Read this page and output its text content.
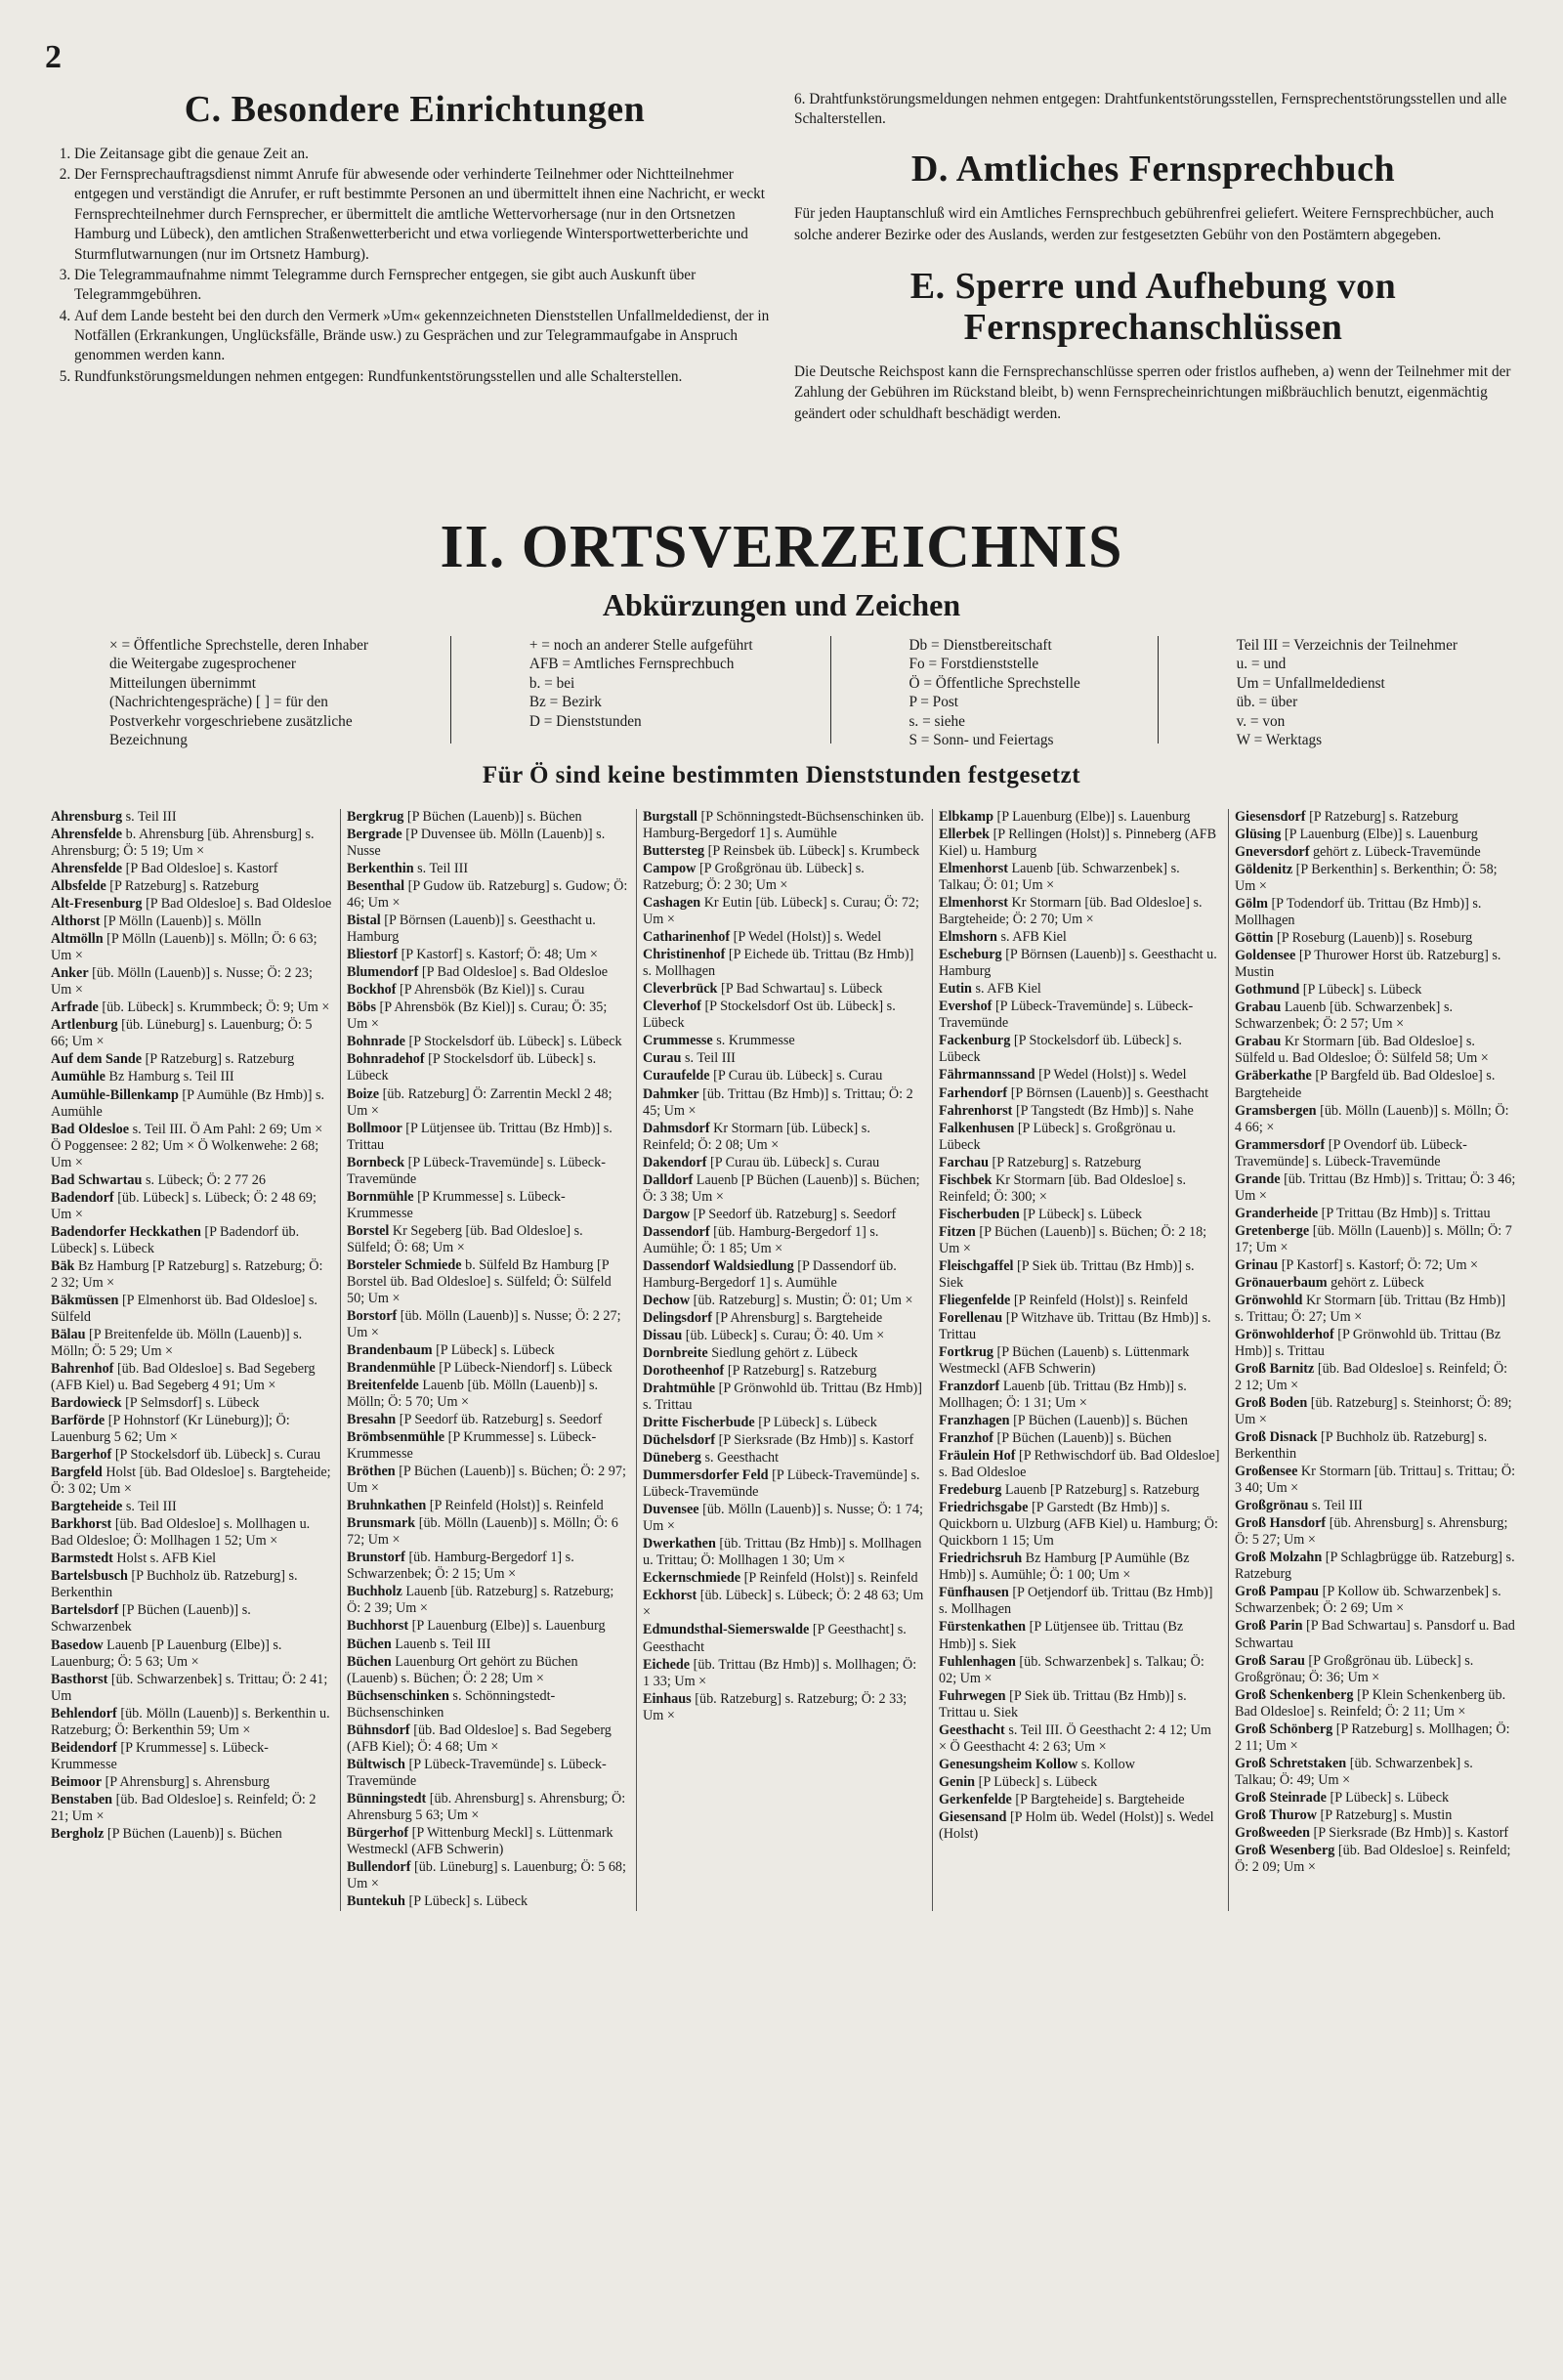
2
C. Besondere Einrichtungen
1. Die Zeitansage gibt die genaue Zeit an.
2. Der Fernsprechauftragsdienst nimmt Anrufe für abwesende oder verhinderte Teilnehmer oder Nichtteilnehmer entgegen und verständigt die Anrufer, er ruft bestimmte Personen an und übermittelt ihnen eine Nachricht, er weckt Fernsprechteilnehmer durch Fernsprecher, er übermittelt die amtliche Wettervorhersage (nur in den Ortsnetzen Hamburg und Lübeck), den amtlichen Straßenwetterbericht und etwa vorliegende Wintersportwetterberichte und Sturmflutwarnungen (nur im Ortsnetz Hamburg).
3. Die Telegrammaufnahme nimmt Telegramme durch Fernsprecher entgegen, sie gibt auch Auskunft über Telegrammgebühren.
4. Auf dem Lande besteht bei den durch den Vermerk »Um« gekennzeichneten Dienststellen Unfallmeldedienst, der in Notfällen (Erkrankungen, Unglücksfälle, Brände usw.) zu Gesprächen und zur Telegrammaufgabe in Anspruch genommen werden kann.
5. Rundfunkstörungsmeldungen nehmen entgegen: Rundfunkentstörungsstellen und alle Schalterstellen.

6. Drahtfunkstörungsmeldungen nehmen entgegen: Drahtfunkentstörungsstellen, Fernsprechentstörungsstellen und alle Schalterstellen.

D. Amtliches Fernsprechbuch

Für jeden Hauptanschluß wird ein Amtliches Fernsprechbuch gebührenfrei geliefert. Weitere Fernsprechbücher, auch solche anderer Bezirke oder des Auslands, werden zur festgesetzten Gebühr von den Postämtern abgegeben.

E. Sperre und Aufhebung von Fernsprechanschlüssen

Die Deutsche Reichspost kann die Fernsprechanschlüsse sperren oder fristlos aufheben, a) wenn der Teilnehmer mit der Zahlung der Gebühren im Rückstand bleibt, b) wenn Fernsprecheinrichtungen mißbräuchlich benutzt, eigenmächtig geändert oder schuldhaft beschädigt werden.

II. ORTSVERZEICHNIS
Abkürzungen und Zeichen
× = Öffentliche Sprechstelle, deren Inhaber die Weitergabe zugesprochener Mitteilungen übernimmt (Nachrichtengespräche) [ ] = für den Postverkehr vorgeschriebene zusätzliche Bezeichnung
+ = noch an anderer Stelle aufgeführt
AFB = Amtliches Fernsprechbuch
b. = bei
Bz = Bezirk
D = Dienststunden
Db = Dienstbereitschaft
Fo = Forstdienststelle
Ö = Öffentliche Sprechstelle
P = Post
s. = siehe
S = Sonn- und Feiertags
Teil III = Verzeichnis der Teilnehmer
u. = und
Um = Unfallmeldedienst
üb. = über
v. = von
W = Werktags
Für Ö sind keine bestimmten Dienststunden festgesetzt
Ahrensburg s. Teil III
Ahrensfelde b. Ahrensburg [üb. Ahrensburg] s. Ahrensburg; Ö: 5 19; Um ×
Ahrensfelde [P Bad Oldesloe] s. Kastorf
Albsfelde [P Ratzeburg] s. Ratzeburg
Alt-Fresenburg [P Bad Oldesloe] s. Bad Oldesloe
Althorst [P Mölln (Lauenb)] s. Mölln
Altmölln [P Mölln (Lauenb)] s. Mölln; Ö: 6 63; Um ×
Anker [üb. Mölln (Lauenb)] s. Nusse; Ö: 2 23; Um ×
Arfrade [üb. Lübeck] s. Krummbeck; Ö: 9; Um ×
Artlenburg [üb. Lüneburg] s. Lauenburg; Ö: 5 66; Um ×
Auf dem Sande [P Ratzeburg] s. Ratzeburg
Aumühle Bz Hamburg s. Teil III
Aumühle-Billenkamp [P Aumühle (Bz Hmb)] s. Aumühle
Bad Oldesloe s. Teil III. Ö Am Pahl: 2 69; Um × Ö Poggensee: 2 82; Um × Ö Wolkenwehe: 2 68; Um ×
Bad Schwartau s. Lübeck; Ö: 2 77 26
Badendorf [üb. Lübeck] s. Lübeck; Ö: 2 48 69; Um ×
Badendorfer Heckkathen [P Badendorf üb. Lübeck] s. Lübeck
Bäk Bz Hamburg [P Ratzeburg] s. Ratzeburg; Ö: 2 32; Um ×
Bäkmüssen [P Elmenhorst üb. Bad Oldesloe] s. Sülfeld
Bälau [P Breitenfelde üb. Mölln (Lauenb)] s. Mölln; Ö: 5 29; Um ×
Bahrenhof [üb. Bad Oldesloe] s. Bad Segeberg (AFB Kiel) u. Bad Segeberg 4 91; Um ×
Bardowieck [P Selmsdorf] s. Lübeck
Barförde [P Hohnstorf (Kr Lüneburg)]; Ö: Lauenburg 5 62; Um ×
Bargerhof [P Stockelsdorf üb. Lübeck] s. Curau
Bargfeld Holst [üb. Bad Oldesloe] s. Bargteheide; Ö: 3 02; Um ×
Bargteheide s. Teil III
Barkhorst [üb. Bad Oldesloe] s. Mollhagen u. Bad Oldesloe; Ö: Mollhagen 1 52; Um ×
Barmstedt Holst s. AFB Kiel
Bartelsbusch [P Buchholz üb. Ratzeburg] s. Berkenthin
Bartelsdorf [P Büchen (Lauenb)] s. Schwarzenbek
Basedow Lauenb [P Lauenburg (Elbe)] s. Lauenburg; Ö: 5 63; Um ×
Basthorst [üb. Schwarzenbek] s. Trittau; Ö: 2 41; Um
Behlendorf [üb. Mölln (Lauenb)] s. Berkenthin u. Ratzeburg; Ö: Berkenthin 59; Um ×
Beidendorf [P Krummesse] s. Lübeck-Krummesse
Beimoor [P Ahrensburg] s. Ahrensburg
Benstaben [üb. Bad Oldesloe] s. Reinfeld; Ö: 2 21; Um ×
Bergholz [P Büchen (Lauenb)] s. Büchen
Bergkrug [P Büchen (Lauenb)] s. Büchen
Bergrade [P Duvensee üb. Mölln (Lauenb)] s. Nusse
Berkenthin s. Teil III
Besenthal [P Gudow üb. Ratzeburg] s. Gudow; Ö: 46; Um ×
Bistal [P Börnsen (Lauenb)] s. Geesthacht u. Hamburg
Bliestorf [P Kastorf] s. Kastorf; Ö: 48; Um ×
Blumendorf [P Bad Oldesloe] s. Bad Oldesloe
Bockhof [P Ahrensbök (Bz Kiel)] s. Curau
Böbs [P Ahrensbök (Bz Kiel)] s. Curau; Ö: 35; Um ×
Bohnrade [P Stockelsdorf üb. Lübeck] s. Lübeck
Bohnradehof [P Stockelsdorf üb. Lübeck] s. Lübeck
Boize [üb. Ratzeburg] Ö: Zarrentin Meckl 2 48; Um ×
Bollmoor [P Lütjensee üb. Trittau (Bz Hmb)] s. Trittau
Bornbeck [P Lübeck-Travemünde] s. Lübeck-Travemünde
Bornmühle [P Krummesse] s. Lübeck-Krummesse
Borstel Kr Segeberg [üb. Bad Oldesloe] s. Sülfeld; Ö: 68; Um ×
Borsteler Schmiede b. Sülfeld Bz Hamburg [P Borstel üb. Bad Oldesloe] s. Sülfeld; Ö: Sülfeld 50; Um ×
Borstorf [üb. Mölln (Lauenb)] s. Nusse; Ö: 2 27; Um ×
Brandenbaum [P Lübeck] s. Lübeck
Brandenmühle [P Lübeck-Niendorf] s. Lübeck
Breitenfelde Lauenb [üb. Mölln (Lauenb)] s. Mölln; Ö: 5 70; Um ×
Bresahn [P Seedorf üb. Ratzeburg] s. Seedorf
Brömbsenmühle [P Krummesse] s. Lübeck-Krummesse
Bröthen [P Büchen (Lauenb)] s. Büchen; Ö: 2 97; Um ×
Bruhnkathen [P Reinfeld (Holst)] s. Reinfeld
Brunsmark [üb. Mölln (Lauenb)] s. Mölln; Ö: 6 72; Um ×
Brunstorf [üb. Hamburg-Bergedorf 1] s. Schwarzenbek; Ö: 2 15; Um ×
Buchholz Lauenb [üb. Ratzeburg] s. Ratzeburg; Ö: 2 39; Um ×
Buchhorst [P Lauenburg (Elbe)] s. Lauenburg
Büchen Lauenb s. Teil III
Büchen Lauenburg Ort gehört zu Büchen (Lauenb) s. Büchen; Ö: 2 28; Um ×
Büchsenschinken s. Schönningstedt-Büchsenschinken
Bühnsdorf [üb. Bad Oldesloe] s. Bad Segeberg (AFB Kiel); Ö: 4 68; Um ×
Bültwisch [P Lübeck-Travemünde] s. Lübeck-Travemünde
Bünningstedt [üb. Ahrensburg] s. Ahrensburg; Ö: Ahrensburg 5 63; Um ×
Bürgerhof [P Wittenburg Meckl] s. Lüttenmark Westmeckl (AFB Schwerin)
Bullendorf [üb. Lüneburg] s. Lauenburg; Ö: 5 68; Um ×
Buntekuh [P Lübeck] s. Lübeck
Burgstall [P Schönningstedt-Büchsenschinken üb. Hamburg-Bergedorf 1] s. Aumühle
Buttersteg [P Reinsbek üb. Lübeck] s. Krumbeck
Campow [P Großgrönau üb. Lübeck] s. Ratzeburg; Ö: 2 30; Um ×
Cashagen Kr Eutin [üb. Lübeck] s. Curau; Ö: 72; Um ×
Catharinenhof [P Wedel (Holst)] s. Wedel
Christinenhof [P Eichede üb. Trittau (Bz Hmb)] s. Mollhagen
Cleverbrück [P Bad Schwartau] s. Lübeck
Cleverhof [P Stockelsdorf Ost üb. Lübeck] s. Lübeck
Crummesse s. Krummesse
Curau s. Teil III
Curaufelde [P Curau üb. Lübeck] s. Curau
Dahmker [üb. Trittau (Bz Hmb)] s. Trittau; Ö: 2 45; Um ×
Dahmsdorf Kr Stormarn [üb. Lübeck] s. Reinfeld; Ö: 2 08; Um ×
Dakendorf [P Curau üb. Lübeck] s. Curau
Dalldorf Lauenb [P Büchen (Lauenb)] s. Büchen; Ö: 3 38; Um ×
Dargow [P Seedorf üb. Ratzeburg] s. Seedorf
Dassendorf [üb. Hamburg-Bergedorf 1] s. Aumühle; Ö: 1 85; Um ×
Dassendorf Waldsiedlung [P Dassendorf üb. Hamburg-Bergedorf 1] s. Aumühle
Dechow [üb. Ratzeburg] s. Mustin; Ö: 01; Um ×
Delingsdorf [P Ahrensburg] s. Bargteheide
Dissau [üb. Lübeck] s. Curau; Ö: 40. Um ×
Dornbreite Siedlung gehört z. Lübeck
Dorotheenhof [P Ratzeburg] s. Ratzeburg
Drahtmühle [P Grönwohld üb. Trittau (Bz Hmb)] s. Trittau
Dritte Fischerbude [P Lübeck] s. Lübeck
Düchelsdorf [P Sierksrade (Bz Hmb)] s. Kastorf
Düneberg s. Geesthacht
Dummersdorfer Feld [P Lübeck-Travemünde] s. Lübeck-Travemünde
Duvensee [üb. Mölln (Lauenb)] s. Nusse; Ö: 1 74; Um ×
Dwerkathen [üb. Trittau (Bz Hmb)] s. Mollhagen u. Trittau; Ö: Mollhagen 1 30; Um ×
Eckernschmiede [P Reinfeld (Holst)] s. Reinfeld
Eckhorst [üb. Lübeck] s. Lübeck; Ö: 2 48 63; Um ×
Edmundsthal-Siemerswalde [P Geesthacht] s. Geesthacht
Eichede [üb. Trittau (Bz Hmb)] s. Mollhagen; Ö: 1 33; Um ×
Einhaus [üb. Ratzeburg] s. Ratzeburg; Ö: 2 33; Um ×
Elbkamp [P Lauenburg (Elbe)] s. Lauenburg
Ellerbek [P Rellingen (Holst)] s. Pinneberg (AFB Kiel) u. Hamburg
Elmenhorst Lauenb [üb. Schwarzenbek] s. Talkau; Ö: 01; Um ×
Elmenhorst Kr Stormarn [üb. Bad Oldesloe] s. Bargteheide; Ö: 2 70; Um ×
Elmshorn s. AFB Kiel
Escheburg [P Börnsen (Lauenb)] s. Geesthacht u. Hamburg
Eutin s. AFB Kiel
Evershof [P Lübeck-Travemünde] s. Lübeck-Travemünde
Fackenburg [P Stockelsdorf üb. Lübeck] s. Lübeck
Fährmannssand [P Wedel (Holst)] s. Wedel
Farhendorf [P Börnsen (Lauenb)] s. Geesthacht
Fahrenhorst [P Tangstedt (Bz Hmb)] s. Nahe
Falkenhusen [P Lübeck] s. Großgrönau u. Lübeck
Farchau [P Ratzeburg] s. Ratzeburg
Fischbek Kr Stormarn [üb. Bad Oldesloe] s. Reinfeld; Ö: 300; ×
Fischerbuden [P Lübeck] s. Lübeck
Fitzen [P Büchen (Lauenb)] s. Büchen; Ö: 2 18; Um ×
Fleischgaffel [P Siek üb. Trittau (Bz Hmb)] s. Siek
Fliegenfelde [P Reinfeld (Holst)] s. Reinfeld
Forellenau [P Witzhave üb. Trittau (Bz Hmb)] s. Trittau
Fortkrug [P Büchen (Lauenb) s. Lüttenmark Westmeckl (AFB Schwerin)
Franzdorf Lauenb [üb. Trittau (Bz Hmb)] s. Mollhagen; Ö: 1 31; Um ×
Franzhagen [P Büchen (Lauenb)] s. Büchen
Franzhof [P Büchen (Lauenb)] s. Büchen
Fräulein Hof [P Rethwischdorf üb. Bad Oldesloe] s. Bad Oldesloe
Fredeburg Lauenb [P Ratzeburg] s. Ratzeburg
Friedrichsgabe [P Garstedt (Bz Hmb)] s. Quickborn u. Ulzburg (AFB Kiel) u. Hamburg; Ö: Quickborn 1 15; Um
Friedrichsruh Bz Hamburg [P Aumühle (Bz Hmb)] s. Aumühle; Ö: 1 00; Um ×
Fünfhausen [P Oetjendorf üb. Trittau (Bz Hmb)] s. Mollhagen
Fürstenkathen [P Lütjensee üb. Trittau (Bz Hmb)] s. Siek
Fuhlenhagen [üb. Schwarzenbek] s. Talkau; Ö: 02; Um ×
Fuhrwegen [P Siek üb. Trittau (Bz Hmb)] s. Trittau u. Siek
Geesthacht s. Teil III. Ö Geesthacht 2: 4 12; Um × Ö Geesthacht 4: 2 63; Um ×
Genesungsheim Kollow s. Kollow
Genin [P Lübeck] s. Lübeck
Gerkenfelde [P Bargteheide] s. Bargteheide
Giesensand [P Holm üb. Wedel (Holst)] s. Wedel (Holst)
Giesensdorf [P Ratzeburg] s. Ratzeburg
Glüsing [P Lauenburg (Elbe)] s. Lauenburg
Gneversdorf gehört z. Lübeck-Travemünde
Göldenitz [P Berkenthin] s. Berkenthin; Ö: 58; Um ×
Gölm [P Todendorf üb. Trittau (Bz Hmb)] s. Mollhagen
Göttin [P Roseburg (Lauenb)] s. Roseburg
Goldensee [P Thurower Horst üb. Ratzeburg] s. Mustin
Gothmund [P Lübeck] s. Lübeck
Grabau Lauenb [üb. Schwarzenbek] s. Schwarzenbek; Ö: 2 57; Um ×
Grabau Kr Stormarn [üb. Bad Oldesloe] s. Sülfeld u. Bad Oldesloe; Ö: Sülfeld 58; Um ×
Gräberkathe [P Bargfeld üb. Bad Oldesloe] s. Bargteheide
Gramsbergen [üb. Mölln (Lauenb)] s. Mölln; Ö: 4 66; ×
Grammersdorf [P Ovendorf üb. Lübeck-Travemünde] s. Lübeck-Travemünde
Grande [üb. Trittau (Bz Hmb)] s. Trittau; Ö: 3 46; Um ×
Granderheide [P Trittau (Bz Hmb)] s. Trittau
Gretenberge [üb. Mölln (Lauenb)] s. Mölln; Ö: 7 17; Um ×
Grinau [P Kastorf] s. Kastorf; Ö: 72; Um ×
Grönauerbaum gehört z. Lübeck
Grönwohld Kr Stormarn [üb. Trittau (Bz Hmb)] s. Trittau; Ö: 27; Um ×
Grönwohlderhof [P Grönwohld üb. Trittau (Bz Hmb)] s. Trittau
Groß Barnitz [üb. Bad Oldesloe] s. Reinfeld; Ö: 2 12; Um ×
Groß Boden [üb. Ratzeburg] s. Steinhorst; Ö: 89; Um ×
Groß Disnack [P Buchholz üb. Ratzeburg] s. Berkenthin
Großensee Kr Stormarn [üb. Trittau] s. Trittau; Ö: 3 40; Um ×
Großgrönau s. Teil III
Groß Hansdorf [üb. Ahrensburg] s. Ahrensburg; Ö: 5 27; Um ×
Groß Molzahn [P Schlagbrügge üb. Ratzeburg] s. Ratzeburg
Groß Pampau [P Kollow üb. Schwarzenbek] s. Schwarzenbek; Ö: 2 69; Um ×
Groß Parin [P Bad Schwartau] s. Pansdorf u. Bad Schwartau
Groß Sarau [P Großgrönau üb. Lübeck] s. Großgrönau; Ö: 36; Um ×
Groß Schenkenberg [P Klein Schenkenberg üb. Bad Oldesloe] s. Reinfeld; Ö: 2 11; Um ×
Groß Schönberg [P Ratzeburg] s. Mollhagen; Ö: 2 11; Um ×
Groß Schretstaken [üb. Schwarzenbek] s. Talkau; Ö: 49; Um ×
Groß Steinrade [P Lübeck] s. Lübeck
Groß Thurow [P Ratzeburg] s. Mustin
Großweeden [P Sierksrade (Bz Hmb)] s. Kastorf
Groß Wesenberg [üb. Bad Oldesloe] s. Reinfeld; Ö: 2 09; Um ×
